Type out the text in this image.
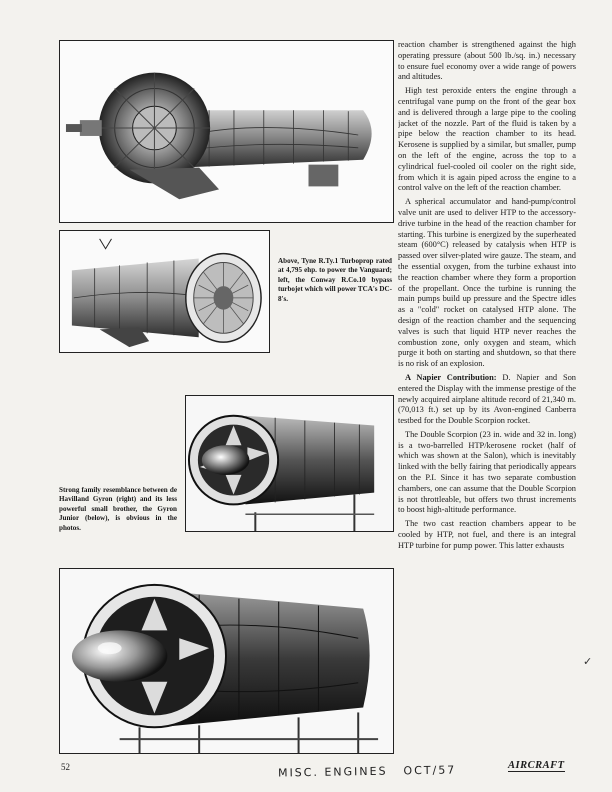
Above, Tyne R.Ty.1 Turboprop rated at 4,795 ehp. to power the Vanguard; left, the Conway R.Co.10 bypass turbojet which will power TCA's DC-8's.
Strong family resemblance between de Havilland Gyron (right) and its less powerful small brother, the Gyron Junior (below), is obvious in the photos.

reaction chamber is strengthened against the high operating pressure (about 500 lb./sq. in.) necessary to ensure fuel economy over a wide range of powers and altitudes.

High test peroxide enters the engine through a centrifugal vane pump on the front of the gear box and is delivered through a large pipe to the cooling jacket of the nozzle. Part of the fluid is taken by a pipe below the reaction chamber to its head. Kerosene is supplied by a similar, but smaller, pump on the left of the engine, across the top to a cylindrical fuel-cooled oil cooler on the right side, from which it is again piped across the engine to a control valve on the left of the reaction chamber.

A spherical accumulator and hand-pump/control valve unit are used to deliver HTP to the accessory-drive turbine in the head of the reaction chamber for starting. This turbine is energized by the superheated steam (600°C) released by catalysis when HTP is passed over silver-plated wire gauze. The steam, and the essential oxygen, from the turbine exhaust into the reaction chamber where they form a proportion of the propellant. Once the turbine is running the main pumps build up pressure and the Spectre idles as a "cold" rocket on catalysed HTP alone. The design of the reaction chamber and the sequencing valves is such that liquid HTP never reaches the combustion zone, only oxygen and steam, which purge it both on starting and shutdown, so that there is no risk of an explosion.

A Napier Contribution: D. Napier and Son entered the Display with the immense prestige of the newly acquired airplane altitude record of 21,340 m. (70,013 ft.) set up by its Avon-engined Canberra testbed for the Double Scorpion rocket.

The Double Scorpion (23 in. wide and 32 in. long) is a two-barrelled HTP/kerosene rocket (half of which was shown at the Salon), which is inevitably linked with the belly fairing that periodically appears on the P.I. Since it has two separate combustion chambers, one can assume that the Double Scorpion is not throttleable, but offers two thrust increments to boost high-altitude performance.

The two cast reaction chambers appear to be cooled by HTP, not fuel, and there is an integral HTP turbine for pump power. This latter exhausts

52	MISC. ENGINES OCT/57	AIRCRAFT
✓
